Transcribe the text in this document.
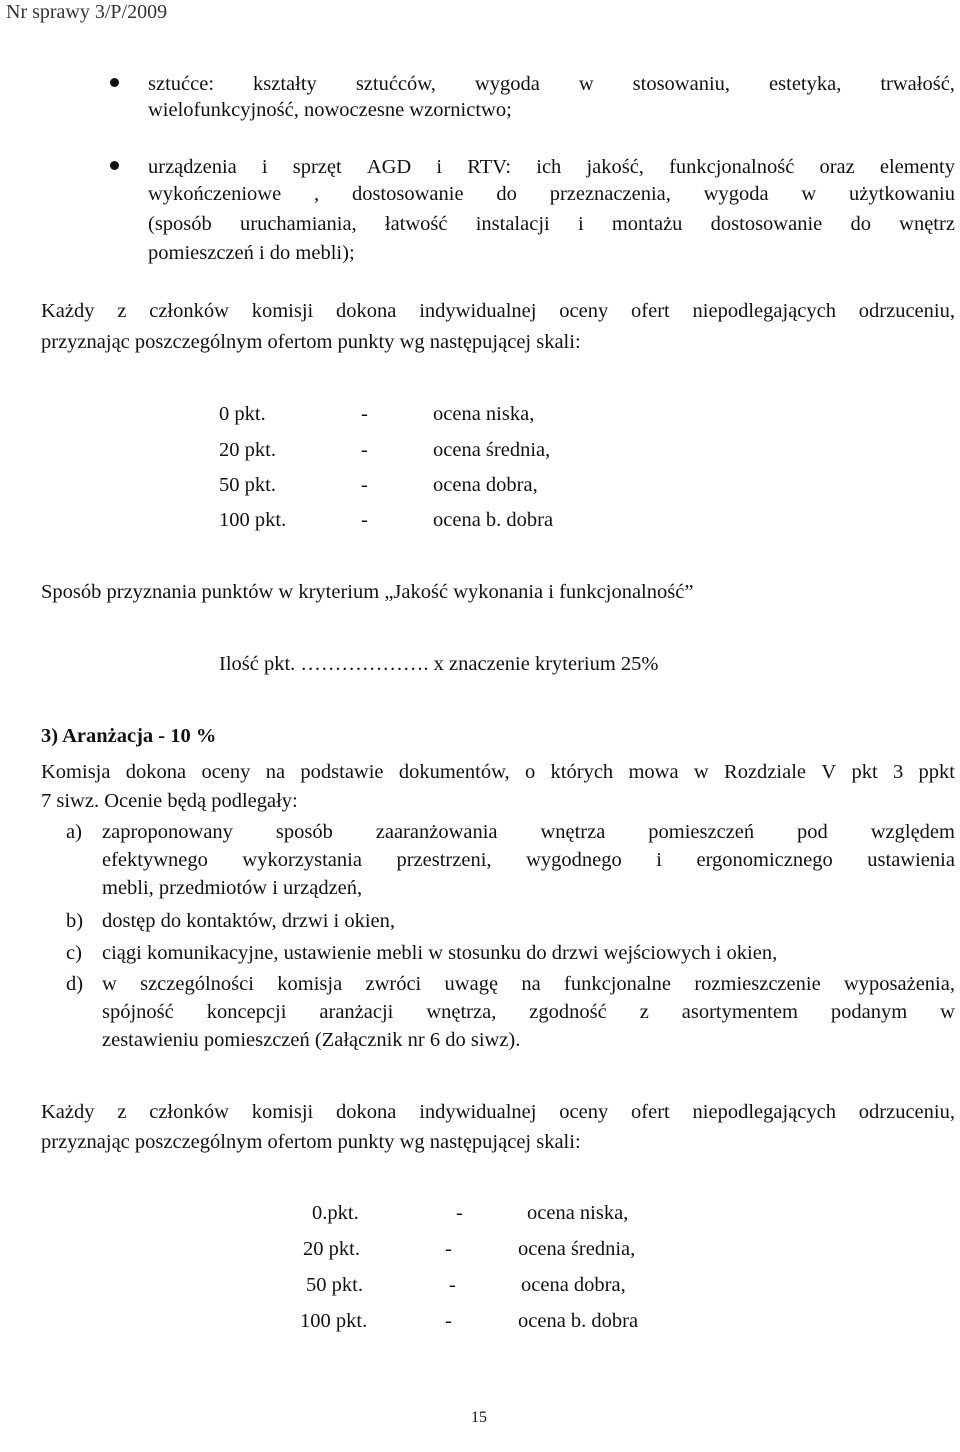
Nr sprawy 3/P/2009
sztućce: kształty sztućców, wygoda w stosowaniu, estetyka, trwałość,
wielofunkcyjność, nowoczesne wzornictwo;
urządzenia i sprzęt AGD i RTV: ich jakość, funkcjonalność oraz elementy
wykończeniowe , dostosowanie do przeznaczenia, wygoda w użytkowaniu
(sposób uruchamiania, łatwość instalacji i montażu dostosowanie do wnętrz
pomieszczeń i do mebli);
Każdy z członków komisji dokona indywidualnej oceny ofert niepodlegających odrzuceniu,
przyznając poszczególnym ofertom punkty wg następującej skali:
0 pkt.	-	ocena niska,
20 pkt.	-	ocena średnia,
50 pkt.	-	ocena dobra,
100 pkt.	-	ocena b. dobra
Sposób przyznania punktów w kryterium „Jakość wykonania i funkcjonalność”
Ilość pkt. ………………. x znaczenie kryterium 25%
3) Aranżacja - 10 %
Komisja dokona oceny na podstawie dokumentów, o których mowa w Rozdziale V pkt 3 ppkt
7 siwz. Ocenie będą podlegały:
a) zaproponowany sposób zaaranżowania wnętrza pomieszczeń pod względem
efektywnego wykorzystania przestrzeni, wygodnego i ergonomicznego ustawienia
mebli, przedmiotów i urządzeń,
b) dostęp do kontaktów, drzwi i okien,
c) ciągi komunikacyjne, ustawienie mebli w stosunku do drzwi wejściowych i okien,
d) w szczególności komisja zwróci uwagę na funkcjonalne rozmieszczenie wyposażenia,
spójność koncepcji aranżacji wnętrza, zgodność z asortymentem podanym w
zestawieniu pomieszczeń (Załącznik nr 6 do siwz).
Każdy z członków komisji dokona indywidualnej oceny ofert niepodlegających odrzuceniu,
przyznając poszczególnym ofertom punkty wg następującej skali:
0.pkt.	-	ocena niska,
20 pkt.	-	ocena średnia,
50 pkt.	-	ocena dobra,
100 pkt.	-	ocena b. dobra
15
